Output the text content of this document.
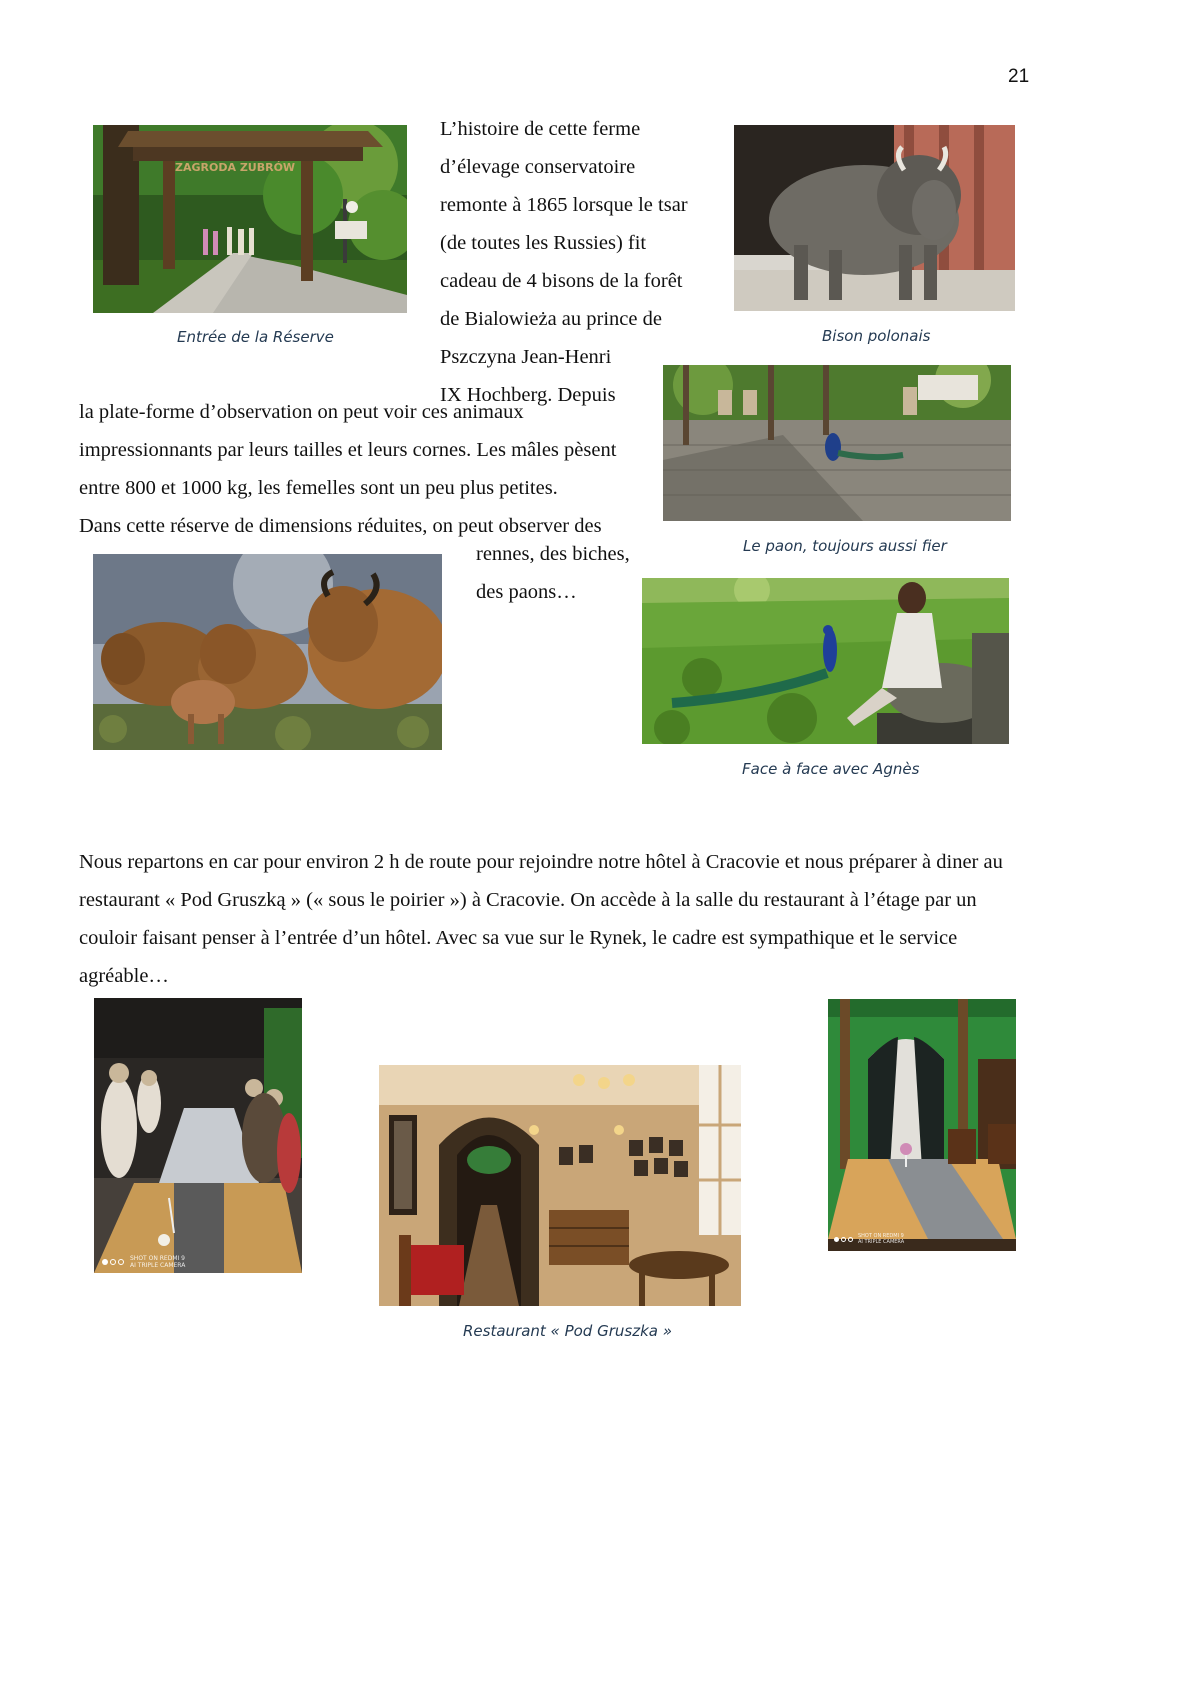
21
ZAGRODA ZUBRÓW
Entrée de la Réserve
L’histoire de cette ferme
d’élevage conservatoire
remonte à 1865 lorsque le tsar
(de toutes les Russies) fit
cadeau de 4 bisons de la forêt
de Bialowieża au prince de
Pszczyna Jean-Henri
IX Hochberg. Depuis
Bison polonais
la plate-forme d’observation on peut voir ces animaux
impressionnants par leurs tailles et leurs cornes. Les mâles pèsent
entre 800 et 1000 kg, les femelles sont un peu plus petites.
Dans cette réserve de dimensions réduites, on peut observer des
Le paon, toujours aussi fier
rennes, des biches,
des paons…
Face à face avec Agnès
Nous repartons en car pour environ 2 h de route pour rejoindre notre hôtel à Cracovie et nous préparer à diner au
restaurant « Pod Gruszką » (« sous le poirier ») à Cracovie. On accède à la salle du restaurant à l’étage par un
couloir faisant penser à l’entrée d’un hôtel. Avec sa vue sur le Rynek, le cadre est sympathique et le service
agréable…
SHOT ON REDMI 9
AI TRIPLE CAMERA
Restaurant « Pod Gruszka »
SHOT ON REDMI 9
AI TRIPLE CAMERA
